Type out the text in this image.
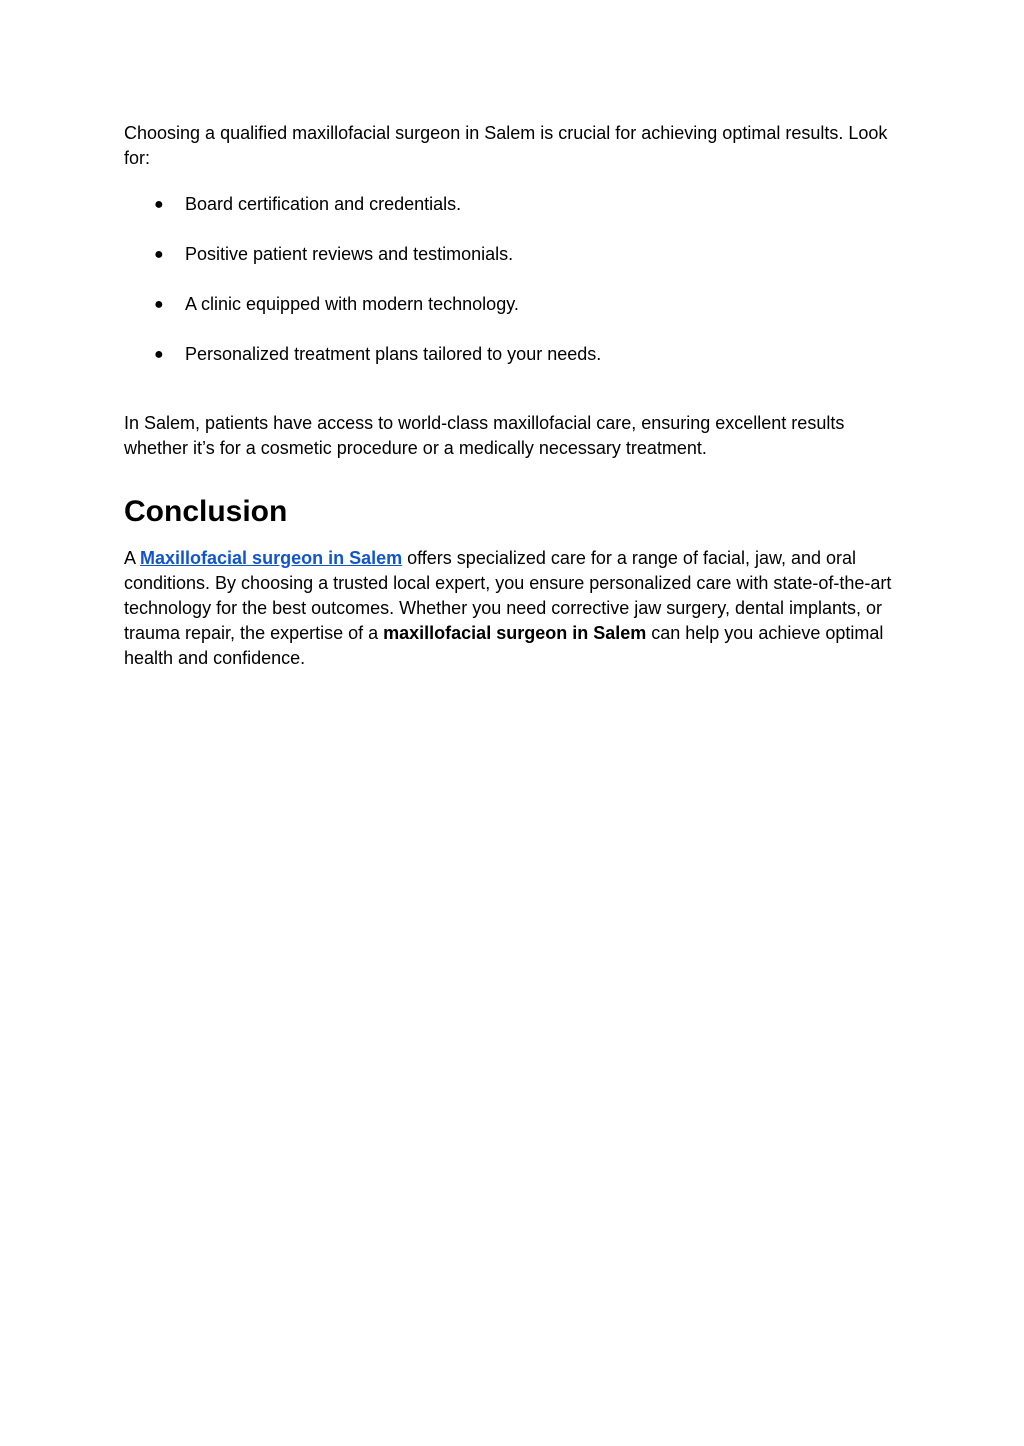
Choosing a qualified maxillofacial surgeon in Salem is crucial for achieving optimal results. Look for:

● Board certification and credentials.
● Positive patient reviews and testimonials.
● A clinic equipped with modern technology.
● Personalized treatment plans tailored to your needs.

In Salem, patients have access to world-class maxillofacial care, ensuring excellent results whether it’s for a cosmetic procedure or a medically necessary treatment.

Conclusion

A Maxillofacial surgeon in Salem offers specialized care for a range of facial, jaw, and oral conditions. By choosing a trusted local expert, you ensure personalized care with state-of-the-art technology for the best outcomes. Whether you need corrective jaw surgery, dental implants, or trauma repair, the expertise of a maxillofacial surgeon in Salem can help you achieve optimal health and confidence.
